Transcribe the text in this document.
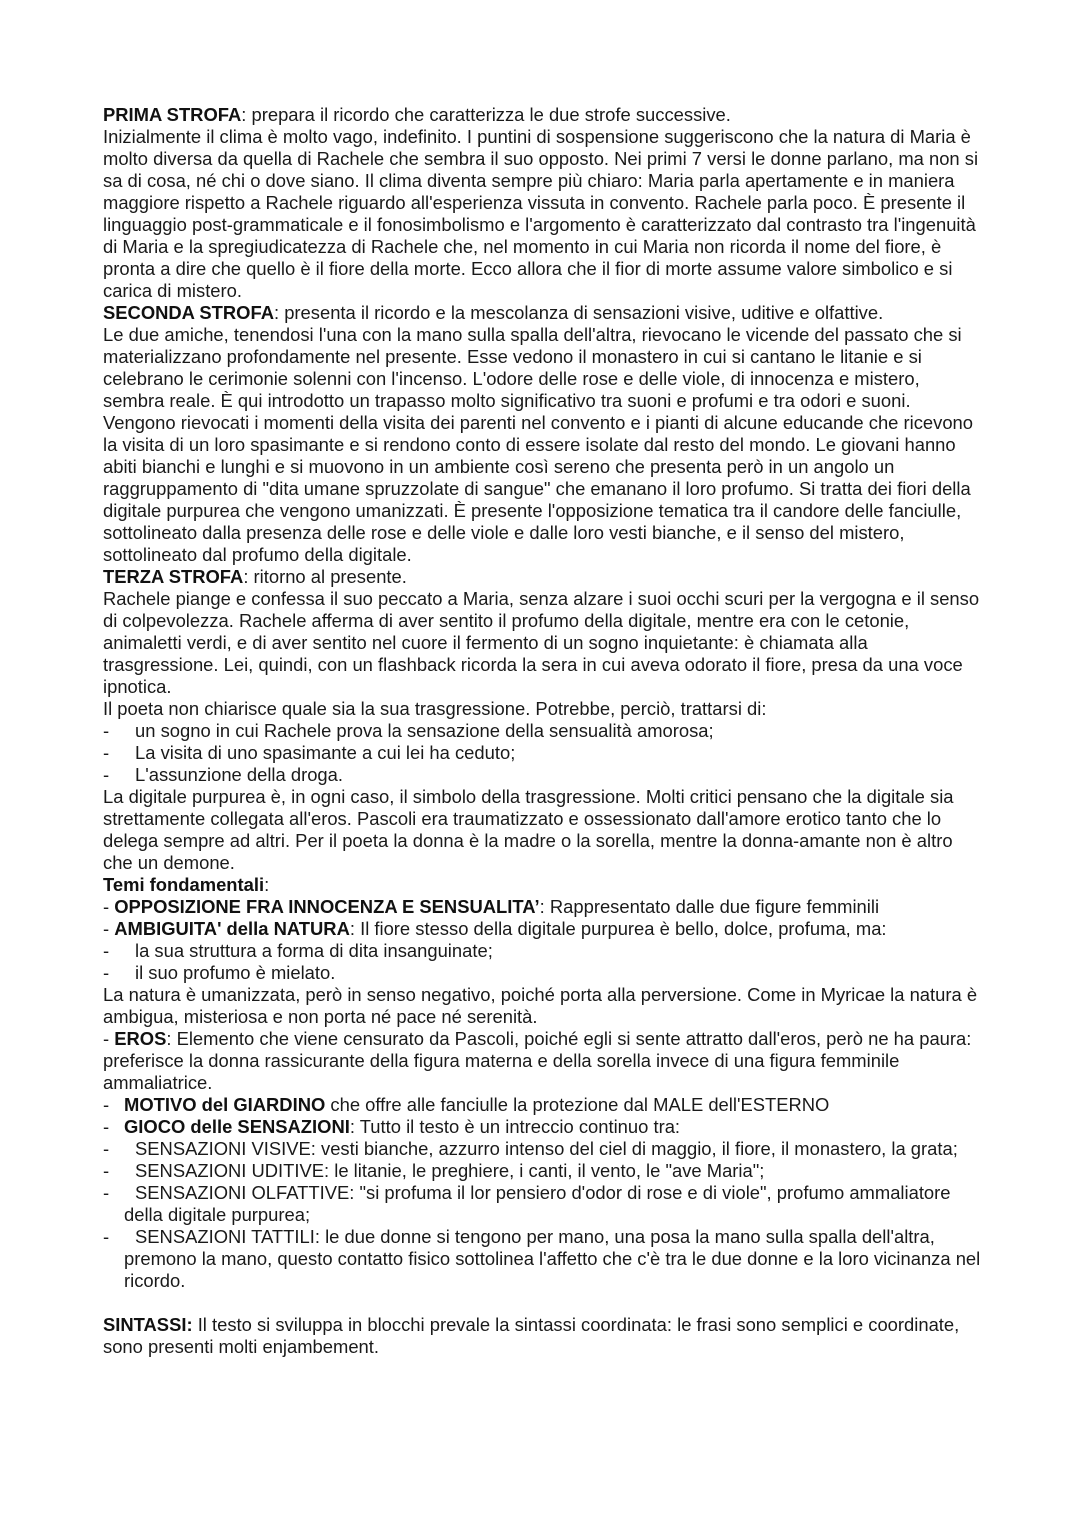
PRIMA STROFA: prepara il ricordo che caratterizza le due strofe successive.

Inizialmente il clima è molto vago, indefinito. I puntini di sospensione suggeriscono che la natura di Maria è molto diversa da quella di Rachele che sembra il suo opposto. Nei primi 7 versi le donne parlano, ma non si sa di cosa, né chi o dove siano. Il clima diventa sempre più chiaro: Maria parla apertamente e in maniera maggiore rispetto a Rachele riguardo all'esperienza vissuta in convento. Rachele parla poco. È presente il linguaggio post-grammaticale e il fonosimbolismo e l'argomento è caratterizzato dal contrasto tra l'ingenuità di Maria e la spregiudicatezza di Rachele che, nel momento in cui Maria non ricorda il nome del fiore, è pronta a dire che quello è il fiore della morte. Ecco allora che il fior di morte assume valore simbolico e si carica di mistero.

SECONDA STROFA: presenta il ricordo e la mescolanza di sensazioni visive, uditive e olfattive.

Le due amiche, tenendosi l'una con la mano sulla spalla dell'altra, rievocano le vicende del passato che si materializzano profondamente nel presente. Esse vedono il monastero in cui si cantano le litanie e si celebrano le cerimonie solenni con l'incenso. L'odore delle rose e delle viole, di innocenza e mistero, sembra reale. È qui introdotto un trapasso molto significativo tra suoni e profumi e tra odori e suoni.

Vengono rievocati i momenti della visita dei parenti nel convento e i pianti di alcune educande che ricevono la visita di un loro spasimante e si rendono conto di essere isolate dal resto del mondo. Le giovani hanno abiti bianchi e lunghi e si muovono in un ambiente così sereno che presenta però in un angolo un raggruppamento di "dita umane spruzzolate di sangue" che emanano il loro profumo. Si tratta dei fiori della digitale purpurea che vengono umanizzati. È presente l'opposizione tematica tra il candore delle fanciulle, sottolineato dalla presenza delle rose e delle viole e dalle loro vesti bianche, e il senso del mistero, sottolineato dal profumo della digitale.

TERZA STROFA: ritorno al presente.

Rachele piange e confessa il suo peccato a Maria, senza alzare i suoi occhi scuri per la vergogna e il senso di colpevolezza. Rachele afferma di aver sentito il profumo della digitale, mentre era con le cetonie, animaletti verdi, e di aver sentito nel cuore il fermento di un sogno inquietante: è chiamata alla trasgressione. Lei, quindi, con un flashback ricorda la sera in cui aveva odorato il fiore, presa da una voce ipnotica.

Il poeta non chiarisce quale sia la sua trasgressione. Potrebbe, perciò, trattarsi di:

- un sogno in cui Rachele prova la sensazione della sensualità amorosa;
- La visita di uno spasimante a cui lei ha ceduto;
- L'assunzione della droga.

La digitale purpurea è, in ogni caso, il simbolo della trasgressione. Molti critici pensano che la digitale sia strettamente collegata all'eros. Pascoli era traumatizzato e ossessionato dall'amore erotico tanto che lo delega sempre ad altri. Per il poeta la donna è la madre o la sorella, mentre la donna-amante non è altro che un demone.

Temi fondamentali:

- OPPOSIZIONE FRA INNOCENZA E SENSUALITA’: Rappresentato dalle due figure femminili

- AMBIGUITA' della NATURA: Il fiore stesso della digitale purpurea è bello, dolce, profuma, ma:

- la sua struttura a forma di dita insanguinate;
- il suo profumo è mielato.

La natura è umanizzata, però in senso negativo, poiché porta alla perversione. Come in Myricae la natura è ambigua, misteriosa e non porta né pace né serenità.

- EROS: Elemento che viene censurato da Pascoli, poiché egli si sente attratto dall'eros, però ne ha paura: preferisce la donna rassicurante della figura materna e della sorella invece di una figura femminile ammaliatrice.

- MOTIVO del GIARDINO che offre alle fanciulle la protezione dal MALE dell'ESTERNO
- GIOCO delle SENSAZIONI: Tutto il testo è un intreccio continuo tra:
- SENSAZIONI VISIVE: vesti bianche, azzurro intenso del ciel di maggio, il fiore, il monastero, la grata;
- SENSAZIONI UDITIVE: le litanie, le preghiere, i canti, il vento, le "ave Maria";
- SENSAZIONI OLFATTIVE: "si profuma il lor pensiero d'odor di rose e di viole", profumo ammaliatore della digitale purpurea;
- SENSAZIONI TATTILI: le due donne si tengono per mano, una posa la mano sulla spalla dell'altra, premono la mano, questo contatto fisico sottolinea l'affetto che c'è tra le due donne e la loro vicinanza nel ricordo.

SINTASSI: Il testo si sviluppa in blocchi prevale la sintassi coordinata: le frasi sono semplici e coordinate, sono presenti molti enjambement.
